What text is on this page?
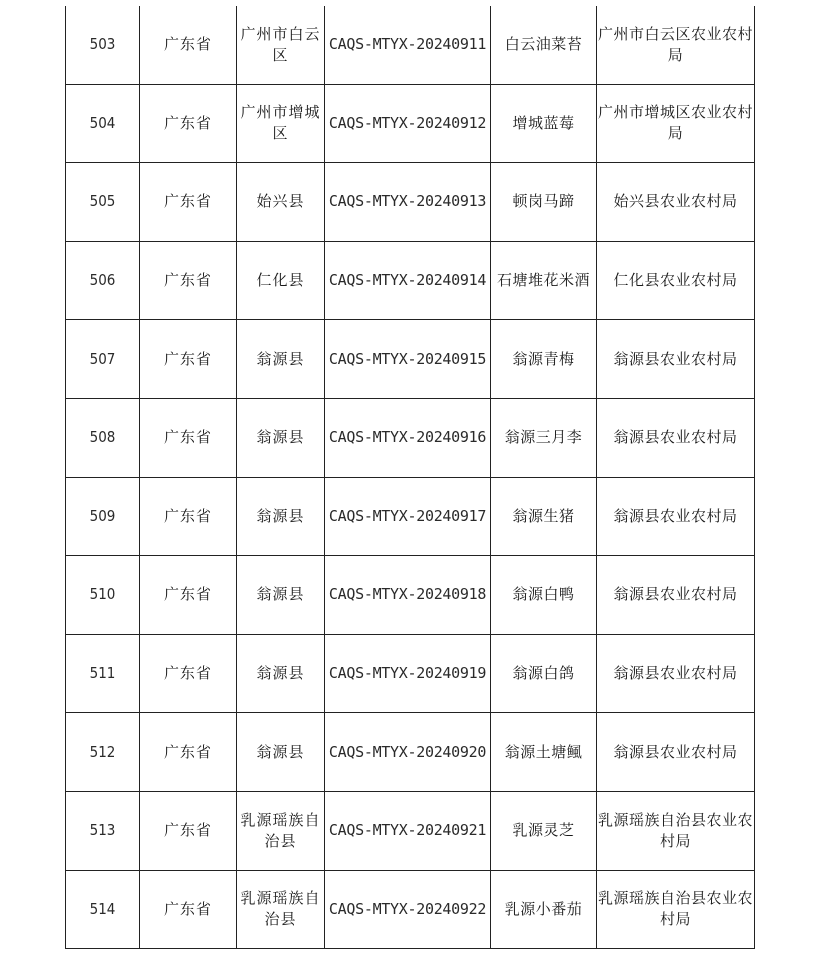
503	广东省	广州市白云区	CAQS-MTYX-20240911	白云油菜苔	广州市白云区农业农村局
504	广东省	广州市增城区	CAQS-MTYX-20240912	增城蓝莓	广州市增城区农业农村局
505	广东省	始兴县	CAQS-MTYX-20240913	顿岗马蹄	始兴县农业农村局
506	广东省	仁化县	CAQS-MTYX-20240914	石塘堆花米酒	仁化县农业农村局
507	广东省	翁源县	CAQS-MTYX-20240915	翁源青梅	翁源县农业农村局
508	广东省	翁源县	CAQS-MTYX-20240916	翁源三月李	翁源县农业农村局
509	广东省	翁源县	CAQS-MTYX-20240917	翁源生猪	翁源县农业农村局
510	广东省	翁源县	CAQS-MTYX-20240918	翁源白鸭	翁源县农业农村局
511	广东省	翁源县	CAQS-MTYX-20240919	翁源白鸽	翁源县农业农村局
512	广东省	翁源县	CAQS-MTYX-20240920	翁源土塘鲺	翁源县农业农村局
513	广东省	乳源瑶族自治县	CAQS-MTYX-20240921	乳源灵芝	乳源瑶族自治县农业农村局
514	广东省	乳源瑶族自治县	CAQS-MTYX-20240922	乳源小番茄	乳源瑶族自治县农业农村局
